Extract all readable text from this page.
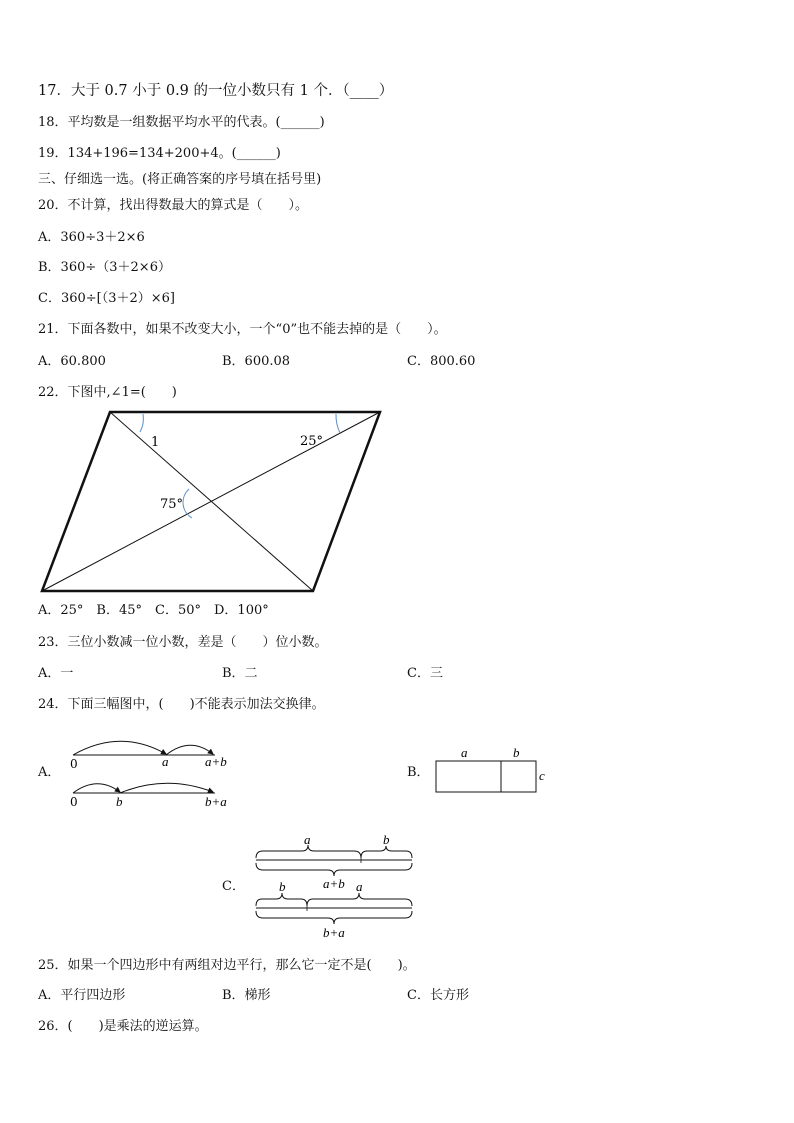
17．大于 0.7 小于 0.9 的一位小数只有 1 个．（____）
18．平均数是一组数据平均水平的代表。(______)
19．134+196=134+200+4。(______)
三、仔细选一选。(将正确答案的序号填在括号里)
20．不计算，找出得数最大的算式是（　　）。
A．360÷3＋2×6
B．360÷（3＋2×6）
C．360÷[（3＋2）×6]
21．下面各数中，如果不改变大小，一个“0”也不能去掉的是（　　）。
A．60.800	B．600.08	C．800.60
22．下图中,∠1=(　　)
1	25°
75°
A．25°　B．45°　C．50°　D．100°
23．三位小数减一位小数，差是（　　）位小数。
A．一	B．二	C．三
24．下面三幅图中，(　　)不能表示加法交换律。
A．	B．
C．
0	a	a+b
0	b	b+a
a	b
c
a	b
a+b
b	a
b+a
25．如果一个四边形中有两组对边平行，那么它一定不是(　　)。
A．平行四边形	B．梯形	C．长方形
26．(　　)是乘法的逆运算。
